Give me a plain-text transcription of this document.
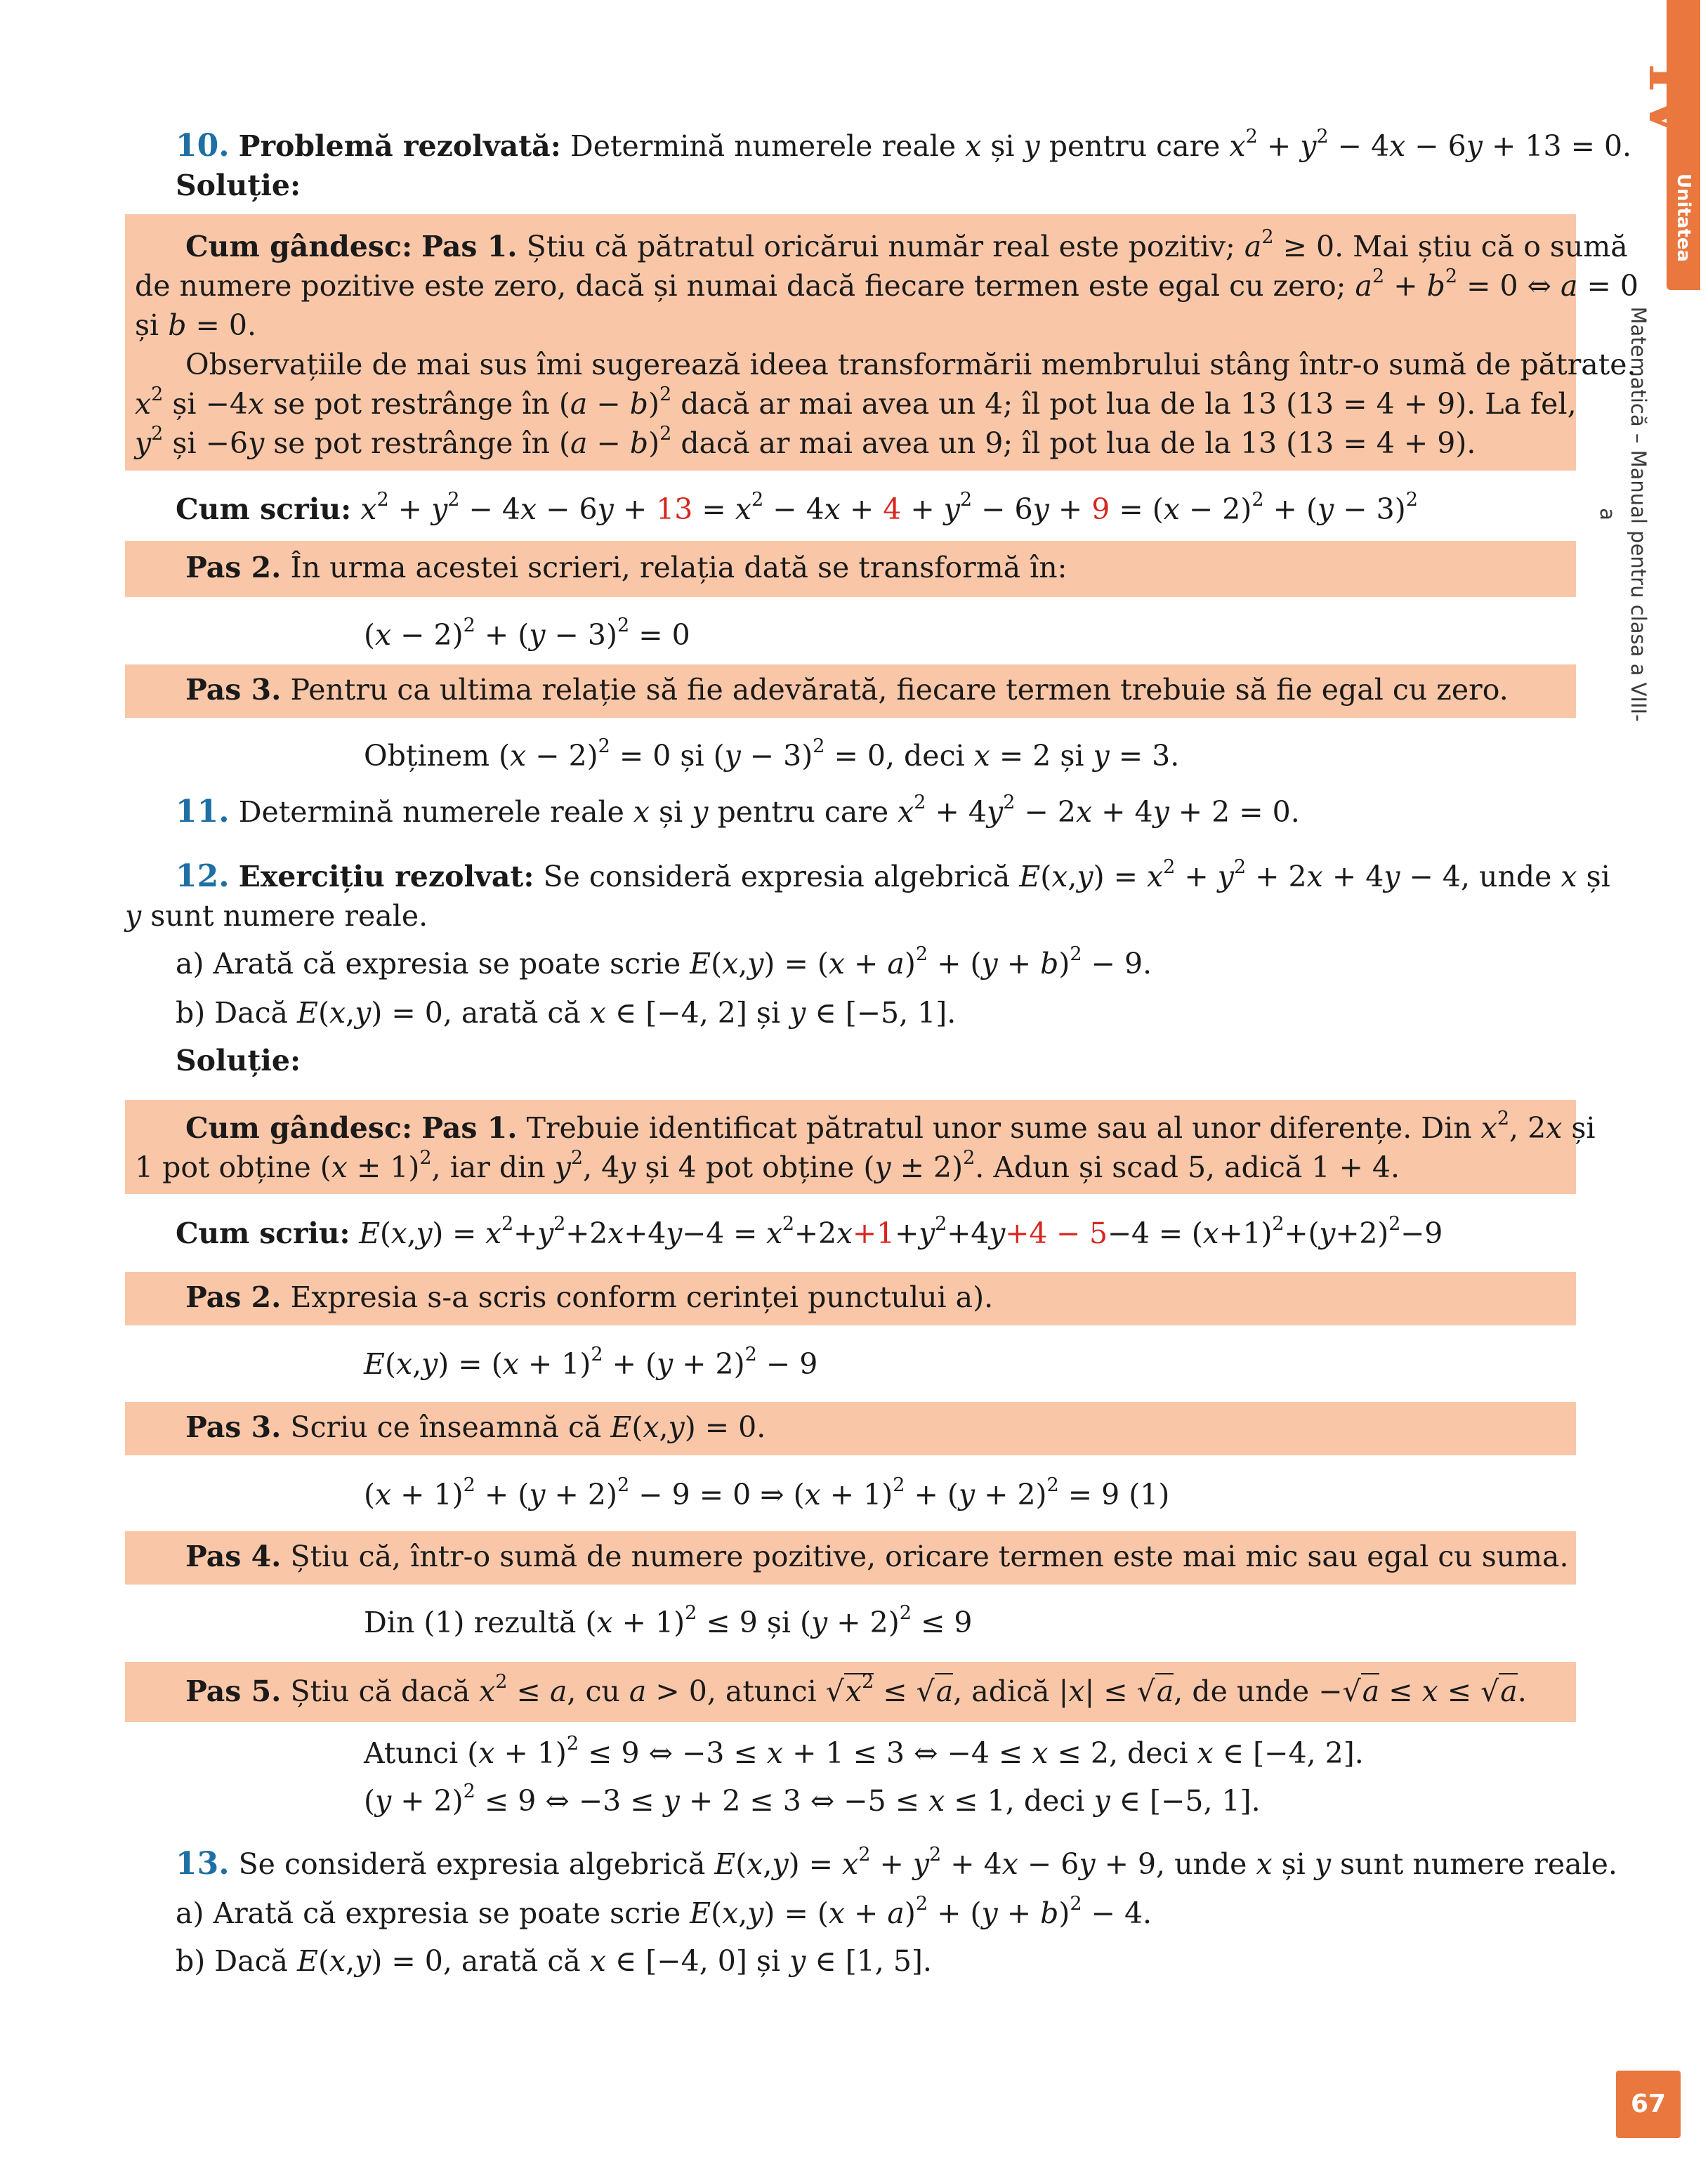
IV
Unitatea
Matematică – Manual pentru clasa a VIII-a
10. Problemă rezolvată: Determină numerele reale x și y pentru care $x^2 + y^2 - 4x - 6y + 13 = 0$.
Soluție:
Cum gândesc: Pas 1. Știu că pătratul oricărui număr real este pozitiv; $a^2 \ge 0$. Mai știu că o sumă
de numere pozitive este zero, dacă și numai dacă fiecare termen este egal cu zero; $a^2 + b^2 = 0$ ⇔ a = 0
și b = 0.
Observațiile de mai sus îmi sugerează ideea transformării membrului stâng într-o sumă de pătrate.
$x^2$ și −4x se pot restrânge în $(a - b)^2$ dacă ar mai avea un 4; îl pot lua de la 13 (13 = 4 + 9). La fel,
$y^2$ și −6y se pot restrânge în $(a - b)^2$ dacă ar mai avea un 9; îl pot lua de la 13 (13 = 4 + 9).
Cum scriu: $x^2 + y^2 - 4x - 6y + 13 = x^2 - 4x + 4 + y^2 - 6y + 9 = (x - 2)^2 + (y - 3)^2$
Pas 2. În urma acestei scrieri, relația dată se transformă în:
$(x - 2)^2 + (y - 3)^2 = 0$
Pas 3. Pentru ca ultima relație să fie adevărată, fiecare termen trebuie să fie egal cu zero.
Obținem $(x - 2)^2 = 0$ și $(y - 3)^2 = 0$, deci x = 2 și y = 3.
11. Determină numerele reale x și y pentru care $x^2 + 4y^2 - 2x + 4y + 2 = 0$.
12. Exercițiu rezolvat: Se consideră expresia algebrică $E(x,y) = x^2 + y^2 + 2x + 4y - 4$, unde x și
y sunt numere reale.
a) Arată că expresia se poate scrie $E(x,y) = (x + a)^2 + (y + b)^2 - 9$.
b) Dacă E(x,y) = 0, arată că x ∈ [−4, 2] și y ∈ [−5, 1].
Soluție:
Cum gândesc: Pas 1. Trebuie identificat pătratul unor sume sau al unor diferențe. Din $x^2$, 2x și
1 pot obține $(x \pm 1)^2$, iar din $y^2$, 4y și 4 pot obține $(y \pm 2)^2$. Adun și scad 5, adică 1 + 4.
Cum scriu: $E(x,y) = x^2+y^2+2x+4y-4 = x^2+2x+1+y^2+4y+4 - 5-4 = (x+1)^2+(y+2)^2-9$
Pas 2. Expresia s-a scris conform cerinței punctului a).
$E(x,y) = (x + 1)^2 + (y + 2)^2 - 9$
Pas 3. Scriu ce înseamnă că E(x,y) = 0.
$(x + 1)^2 + (y + 2)^2 - 9 = 0$ ⇒ $(x + 1)^2 + (y + 2)^2 = 9$ (1)
Pas 4. Știu că, într-o sumă de numere pozitive, oricare termen este mai mic sau egal cu suma.
Din (1) rezultă $(x + 1)^2 \le 9$ și $(y + 2)^2 \le 9$
Pas 5. Știu că dacă $x^2 \le a$, cu a > 0, atunci $√x^2 \le √a$, adică |x| ≤ √a, de unde −√a ≤ x ≤ √a.
Atunci $(x + 1)^2 \le 9$ ⇔ −3 ≤ x + 1 ≤ 3 ⇔ −4 ≤ x ≤ 2, deci x ∈ [−4, 2].
$(y + 2)^2 \le 9$ ⇔ −3 ≤ y + 2 ≤ 3 ⇔ −5 ≤ x ≤ 1, deci y ∈ [−5, 1].
13. Se consideră expresia algebrică $E(x,y) = x^2 + y^2 + 4x - 6y + 9$, unde x și y sunt numere reale.
a) Arată că expresia se poate scrie $E(x,y) = (x + a)^2 + (y + b)^2 - 4$.
b) Dacă E(x,y) = 0, arată că x ∈ [−4, 0] și y ∈ [1, 5].
67
